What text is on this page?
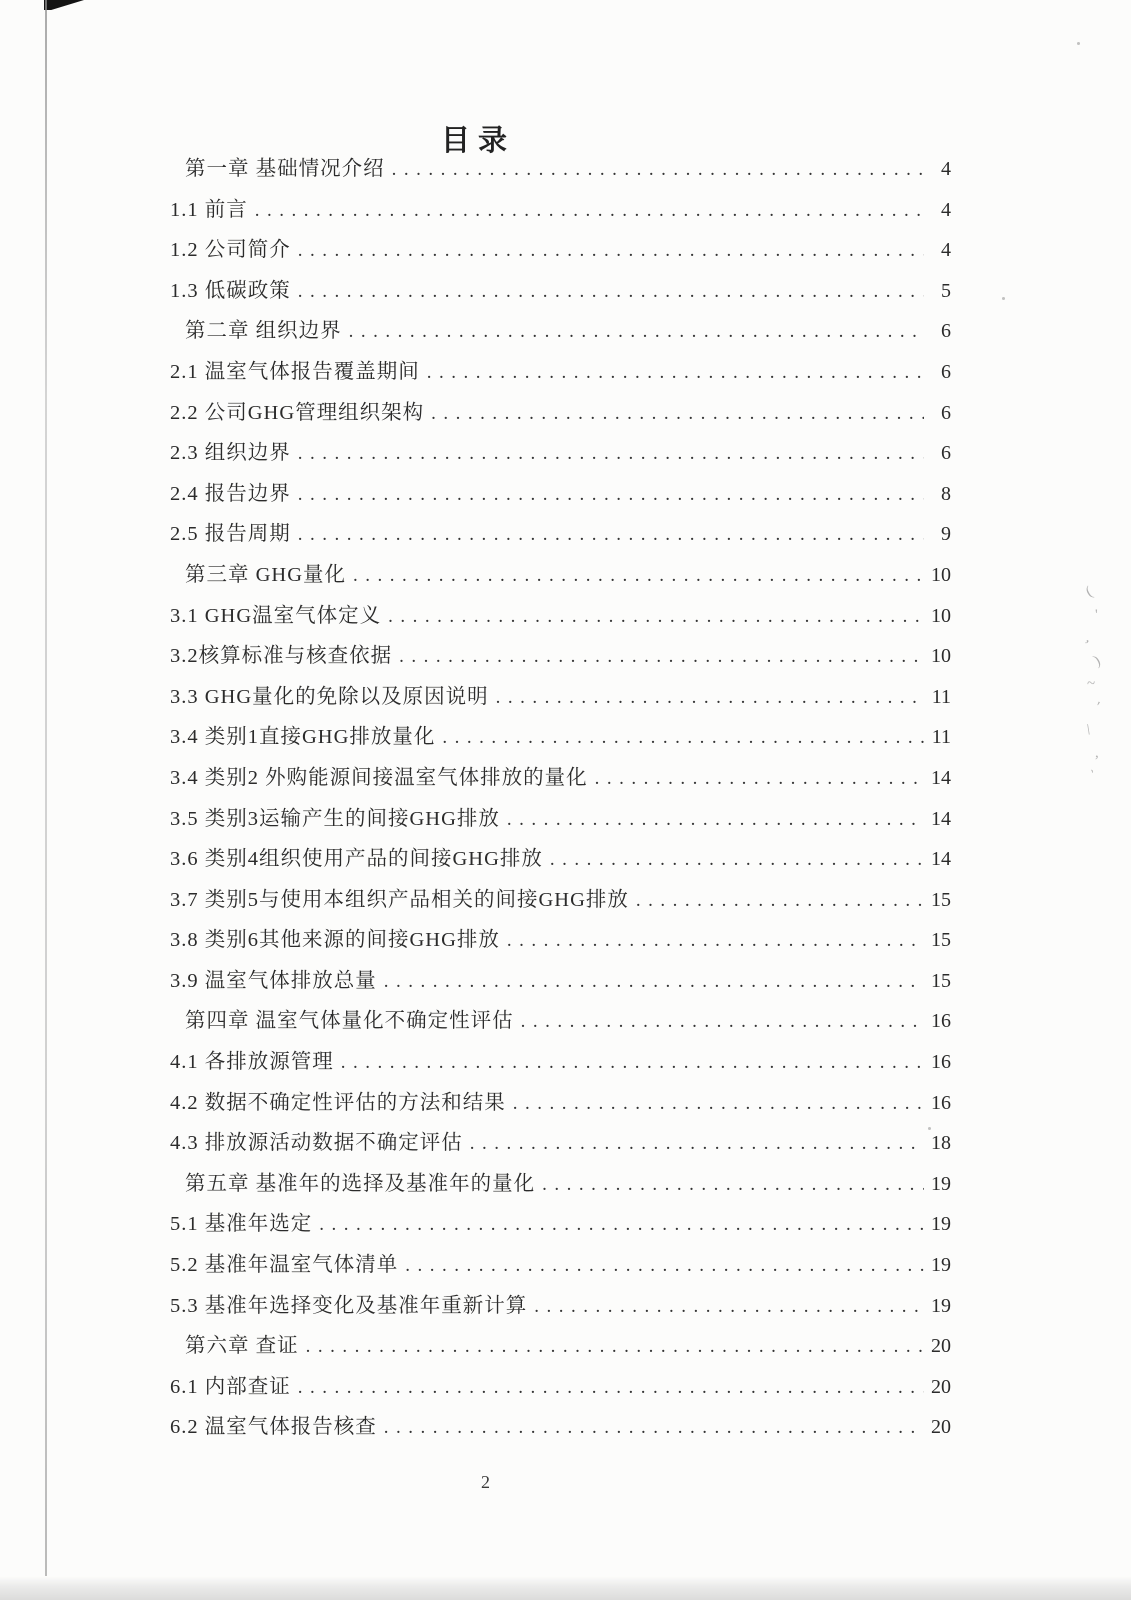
(
'
,
)
~
'
/
,
`
目录
第一章 基础情况介绍 .....	4
1.1 前言 .....	4
1.2 公司简介 .....	4
1.3 低碳政策 .....	5
第二章 组织边界 .....	6
2.1 温室气体报告覆盖期间 .....	6
2.2 公司GHG管理组织架构 .....	6
2.3 组织边界 .....	6
2.4 报告边界 .....	8
2.5 报告周期 .....	9
第三章 GHG量化 .....	10
3.1 GHG温室气体定义 .....	10
3.2核算标准与核查依据 .....	10
3.3 GHG量化的免除以及原因说明 .....	11
3.4 类别1直接GHG排放量化 .....	11
3.4 类别2 外购能源间接温室气体排放的量化 .....	14
3.5 类别3运输产生的间接GHG排放 .....	14
3.6 类别4组织使用产品的间接GHG排放 .....	14
3.7 类别5与使用本组织产品相关的间接GHG排放 .....	15
3.8 类别6其他来源的间接GHG排放 .....	15
3.9 温室气体排放总量 .....	15
第四章 温室气体量化不确定性评估 .....	16
4.1 各排放源管理 .....	16
4.2 数据不确定性评估的方法和结果 .....	16
4.3 排放源活动数据不确定评估 .....	18
第五章 基准年的选择及基准年的量化 .....	19
5.1 基准年选定 .....	19
5.2 基准年温室气体清单 .....	19
5.3 基准年选择变化及基准年重新计算 .....	19
第六章 查证 .....	20
6.1 内部查证 .....	20
6.2 温室气体报告核查 .....	20
2
